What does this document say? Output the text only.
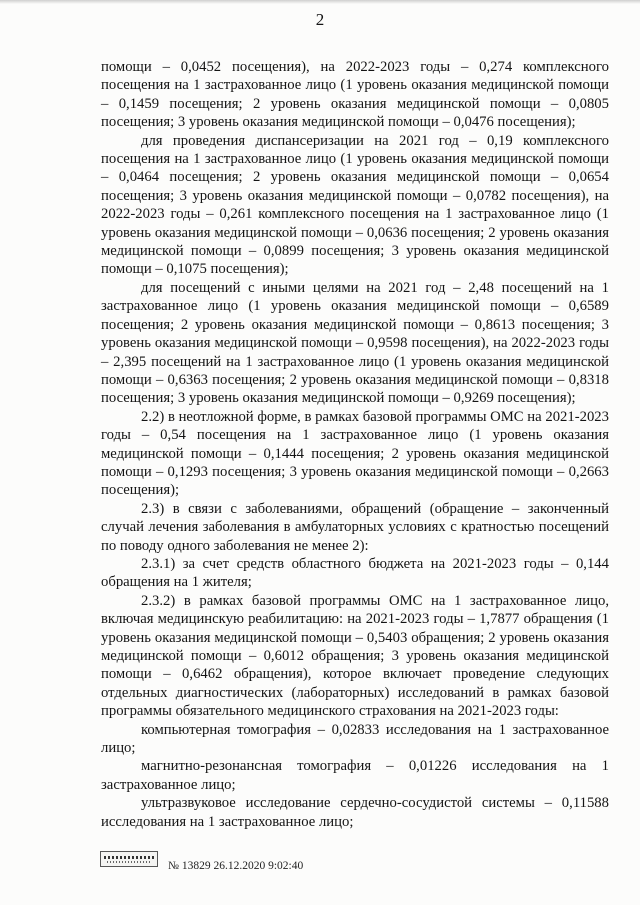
2

помощи – 0,0452 посещения), на 2022-2023 годы – 0,274 комплексного посещения на 1 застрахованное лицо (1 уровень оказания медицинской помощи – 0,1459 посещения; 2 уровень оказания медицинской помощи – 0,0805 посещения; 3 уровень оказания медицинской помощи – 0,0476 посещения);

для проведения диспансеризации на 2021 год – 0,19 комплексного посещения на 1 застрахованное лицо (1 уровень оказания медицинской помощи – 0,0464 посещения; 2 уровень оказания медицинской помощи – 0,0654 посещения; 3 уровень оказания медицинской помощи – 0,0782 посещения), на 2022-2023 годы – 0,261 комплексного посещения на 1 застрахованное лицо (1 уровень оказания медицинской помощи – 0,0636 посещения; 2 уровень оказания медицинской помощи – 0,0899 посещения; 3 уровень оказания медицинской помощи – 0,1075 посещения);

для посещений с иными целями на 2021 год – 2,48 посещений на 1 застрахованное лицо (1 уровень оказания медицинской помощи – 0,6589 посещения; 2 уровень оказания медицинской помощи – 0,8613 посещения; 3 уровень оказания медицинской помощи – 0,9598 посещения), на 2022-2023 годы – 2,395 посещений на 1 застрахованное лицо (1 уровень оказания медицинской помощи – 0,6363 посещения; 2 уровень оказания медицинской помощи – 0,8318 посещения; 3 уровень оказания медицинской помощи – 0,9269 посещения);

2.2) в неотложной форме, в рамках базовой программы ОМС на 2021-2023 годы – 0,54 посещения на 1 застрахованное лицо (1 уровень оказания медицинской помощи – 0,1444 посещения; 2 уровень оказания медицинской помощи – 0,1293 посещения; 3 уровень оказания медицинской помощи – 0,2663 посещения);

2.3) в связи с заболеваниями, обращений (обращение – законченный случай лечения заболевания в амбулаторных условиях с кратностью посещений по поводу одного заболевания не менее 2):

2.3.1) за счет средств областного бюджета на 2021-2023 годы – 0,144 обращения на 1 жителя;

2.3.2) в рамках базовой программы ОМС на 1 застрахованное лицо, включая медицинскую реабилитацию: на 2021-2023 годы – 1,7877 обращения (1 уровень оказания медицинской помощи – 0,5403 обращения; 2 уровень оказания медицинской помощи – 0,6012 обращения; 3 уровень оказания медицинской помощи – 0,6462 обращения), которое включает проведение следующих отдельных диагностических (лабораторных) исследований в рамках базовой программы обязательного медицинского страхования на 2021-2023 годы:

компьютерная томография – 0,02833 исследования на 1 застрахованное лицо;

магнитно-резонансная томография – 0,01226 исследования на 1 застрахованное лицо;

ультразвуковое исследование сердечно-сосудистой системы – 0,11588 исследования на 1 застрахованное лицо;

№ 13829 26.12.2020 9:02:40
